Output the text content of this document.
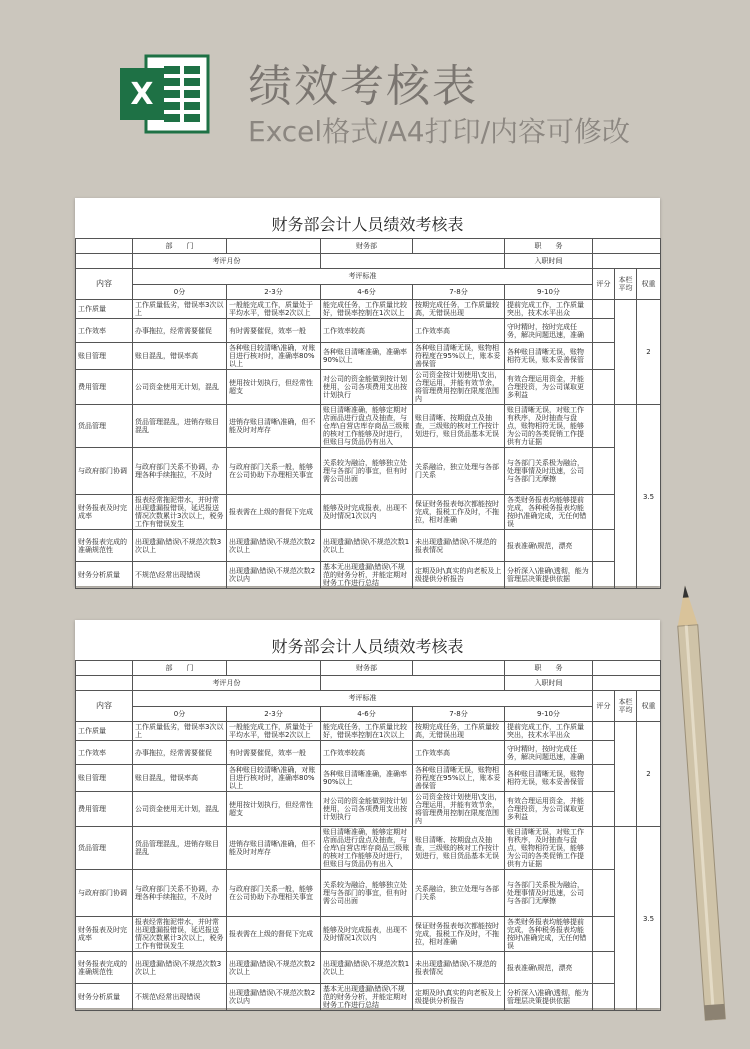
X 绩效考核表
Excel格式/A4打印/内容可修改
财务部会计人员绩效考核表
	部　　门		财务部		职　　务			
	考评月份				入职时间			
内容	考评标准					评分	本栏平均	权重
	0分	2-3分	4-6分	7-8分	9-10分			
工作质量	工作质量低劣，错误率3次以上	一般能完成工作，质量处于平均水平，错误率2次以上	能完成任务，工作质量比较好，错误率控制在1次以上	按期完成任务，工作质量较高，无错误出现	提前完成工作，工作质量突出，技术水平出众			2
工作效率	办事拖拉，经常需要催促	有时需要催促，效率一般	工作效率较高	工作效率高	守时精时，按时完成任务，解决问题迅速，准确			
账目管理	账目混乱，错误率高	各种账目较清晰\准确，对账目进行核对时，准确率80%以上	各种账目清晰准确，准确率90%以上	各种账目清晰无误，账物相符程度在95%以上，账本妥善保管	各种账目清晰无误，账物相符无误，账本妥善保管			
费用管理	公司资金使用无计划，混乱	使用按计划执行，但经常性超支	对公司的资金能做到按计划使用，公司各项费用支出按计划执行	公司资金按计划使用\支出，合理运用，并能有效节余，将管理费用控制在限度范围内	有效合理运用资金，并能合理投资，为公司谋取更多利益			
货品管理	货品管理混乱，进销存账目混乱	进销存账目清晰\准确，但不能及时对库存	账目清晰准确，能够定期对店面品进行盘点及抽查，与仓库\自营店库存商品三级账的核对工作能够及时进行，但账目与货品仍有出入	账目清晰、按期盘点及抽查，三级账的核对工作按计划进行，账目货品基本无误	账目清晰无误，对账工作有秩序，及时抽查与盘点，账物相符无误，能够为公司的各类促销工作提供有力证据			3.5
与政府部门协调	与政府部门关系不协调，办理各种手续拖拉，不及时	与政府部门关系一般，能够在公司协助下办理相关事宜	关系较为融洽，能够独立处理与各部门的事宜，但有时需公司出面	关系融洽，独立处理与各部门关系	与各部门关系极为融洽，处理事情及时迅速，公司与各部门无摩擦			
财务报表及时完成率	报表经常拖泥带水，并时常出现遗漏报错误，延迟报送情况次数累计3次以上，税务工作有错误发生	报表需在上级的督促下完成	能够及时完成报表，出现不及时情况1次以内	保证财务报表每次都能按时完成，报税工作及时，不拖拉，相对准确	各类财务报表均能够提前完成，各种税务报表均能按时\准确完成，无任何错误			
财务报表完成的准确规范性	出现遗漏\错误\不规范次数3次以上	出现遗漏\错误\不规范次数2次以上	出现遗漏\错误\不规范次数1次以上	未出现遗漏\错误\不规范的报表情况	报表准确\规范，漂亮			
财务分析质量	不规范\经常出现错误	出现遗漏\错误\不规范次数2次以内	基本无出现遗漏\错误\不规范的财务分析，并能定期对财务工作进行总结	定期及时\真实的向老板及上级提供分析报告	分析深入\准确\透彻，能为管理层决策提供依据			
财务部会计人员绩效考核表
	部　　门		财务部		职　　务			
	考评月份				入职时间			
内容	考评标准					评分	本栏平均	权重
	0分	2-3分	4-6分	7-8分	9-10分			
工作质量	工作质量低劣，错误率3次以上	一般能完成工作，质量处于平均水平，错误率2次以上	能完成任务，工作质量比较好，错误率控制在1次以上	按期完成任务，工作质量较高，无错误出现	提前完成工作，工作质量突出，技术水平出众			2
工作效率	办事拖拉，经常需要催促	有时需要催促，效率一般	工作效率较高	工作效率高	守时精时，按时完成任务，解决问题迅速，准确			
账目管理	账目混乱，错误率高	各种账目较清晰\准确，对账目进行核对时，准确率80%以上	各种账目清晰准确，准确率90%以上	各种账目清晰无误，账物相符程度在95%以上，账本妥善保管	各种账目清晰无误，账物相符无误，账本妥善保管			
费用管理	公司资金使用无计划，混乱	使用按计划执行，但经常性超支	对公司的资金能做到按计划使用，公司各项费用支出按计划执行	公司资金按计划使用\支出，合理运用，并能有效节余，将管理费用控制在限度范围内	有效合理运用资金，并能合理投资，为公司谋取更多利益			
货品管理	货品管理混乱，进销存账目混乱	进销存账目清晰\准确，但不能及时对库存	账目清晰准确，能够定期对店面品进行盘点及抽查，与仓库\自营店库存商品三级账的核对工作能够及时进行，但账目与货品仍有出入	账目清晰、按期盘点及抽查，三级账的核对工作按计划进行，账目货品基本无误	账目清晰无误，对账工作有秩序，及时抽查与盘点，账物相符无误，能够为公司的各类促销工作提供有力证据			3.5
与政府部门协调	与政府部门关系不协调，办理各种手续拖拉，不及时	与政府部门关系一般，能够在公司协助下办理相关事宜	关系较为融洽，能够独立处理与各部门的事宜，但有时需公司出面	关系融洽，独立处理与各部门关系	与各部门关系极为融洽，处理事情及时迅速，公司与各部门无摩擦			
财务报表及时完成率	报表经常拖泥带水，并时常出现遗漏报错误，延迟报送情况次数累计3次以上，税务工作有错误发生	报表需在上级的督促下完成	能够及时完成报表，出现不及时情况1次以内	保证财务报表每次都能按时完成，报税工作及时，不拖拉，相对准确	各类财务报表均能够提前完成，各种税务报表均能按时\准确完成，无任何错误			
财务报表完成的准确规范性	出现遗漏\错误\不规范次数3次以上	出现遗漏\错误\不规范次数2次以上	出现遗漏\错误\不规范次数1次以上	未出现遗漏\错误\不规范的报表情况	报表准确\规范，漂亮			
财务分析质量	不规范\经常出现错误	出现遗漏\错误\不规范次数2次以内	基本无出现遗漏\错误\不规范的财务分析，并能定期对财务工作进行总结	定期及时\真实的向老板及上级提供分析报告	分析深入\准确\透彻，能为管理层决策提供依据			
